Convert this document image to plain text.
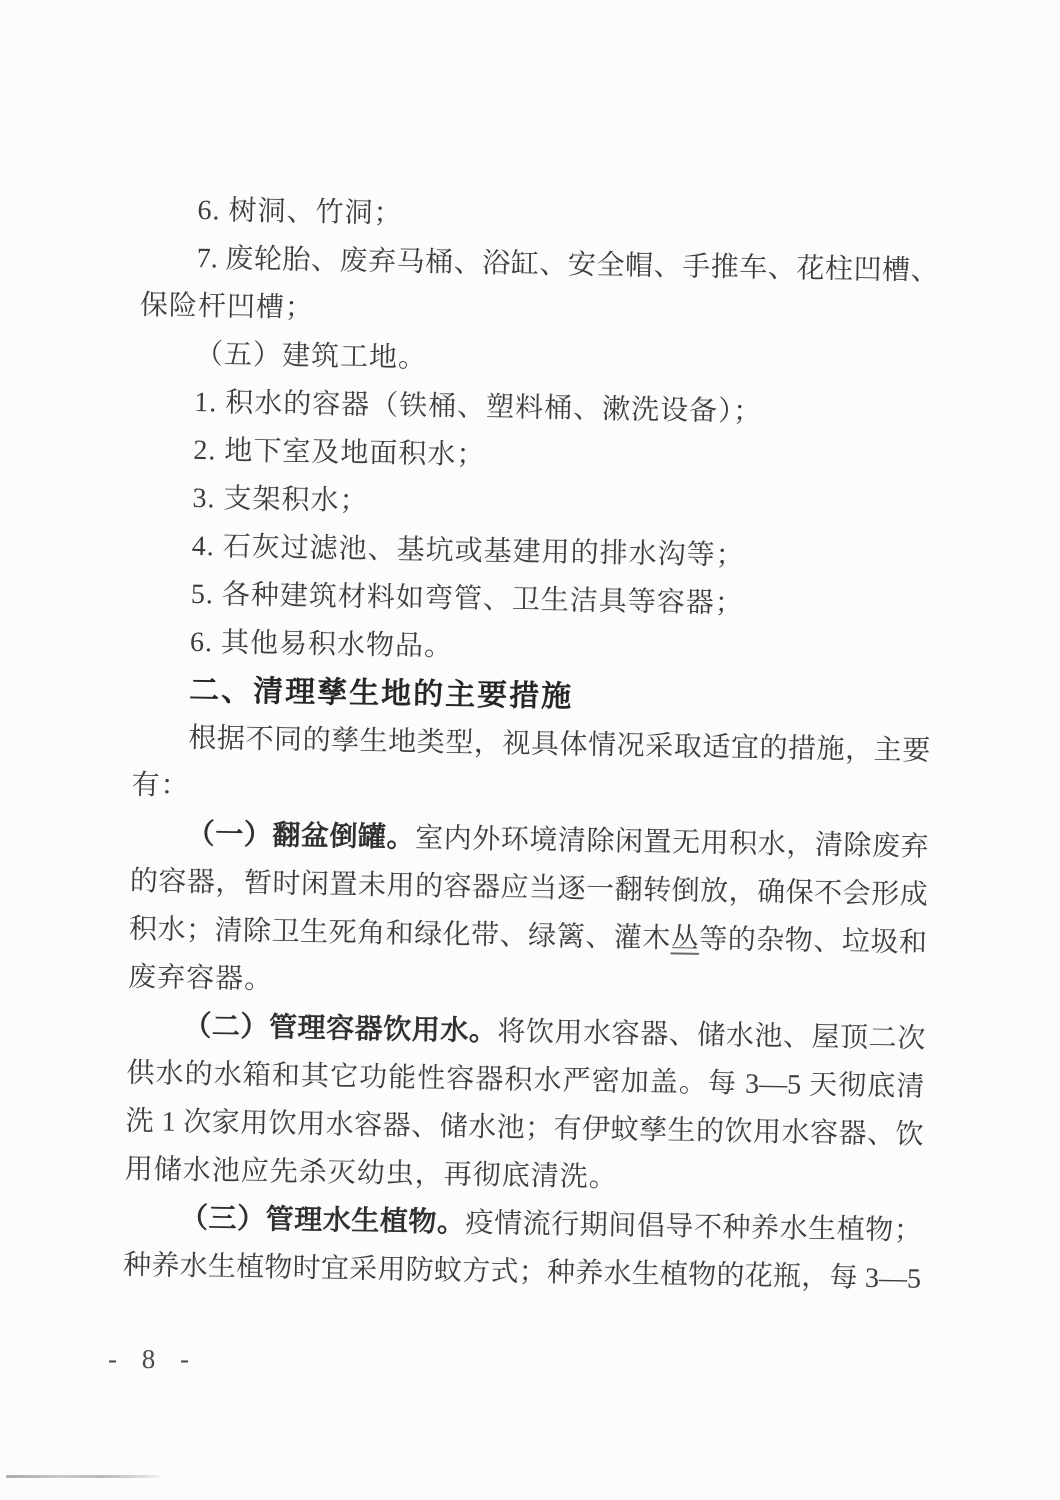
6. 树洞、竹洞；
7. 废轮胎、废弃马桶、浴缸、安全帽、手推车、花柱凹槽、
保险杆凹槽；
（五）建筑工地。
1. 积水的容器（铁桶、塑料桶、漱洗设备）；
2. 地下室及地面积水；
3. 支架积水；
4. 石灰过滤池、基坑或基建用的排水沟等；
5. 各种建筑材料如弯管、卫生洁具等容器；
6. 其他易积水物品。
二、清理孳生地的主要措施
根据不同的孳生地类型，视具体情况采取适宜的措施，主要
有：
（一）翻盆倒罐。室内外环境清除闲置无用积水，清除废弃
的容器，暂时闲置未用的容器应当逐一翻转倒放，确保不会形成
积水；清除卫生死角和绿化带、绿篱、灌木丛等的杂物、垃圾和
废弃容器。
（二）管理容器饮用水。将饮用水容器、储水池、屋顶二次
供水的水箱和其它功能性容器积水严密加盖。每 3—5 天彻底清
洗 1 次家用饮用水容器、储水池；有伊蚊孳生的饮用水容器、饮
用储水池应先杀灭幼虫，再彻底清洗。
（三）管理水生植物。疫情流行期间倡导不种养水生植物；
种养水生植物时宜采用防蚊方式；种养水生植物的花瓶，每 3—5
- 8 -
